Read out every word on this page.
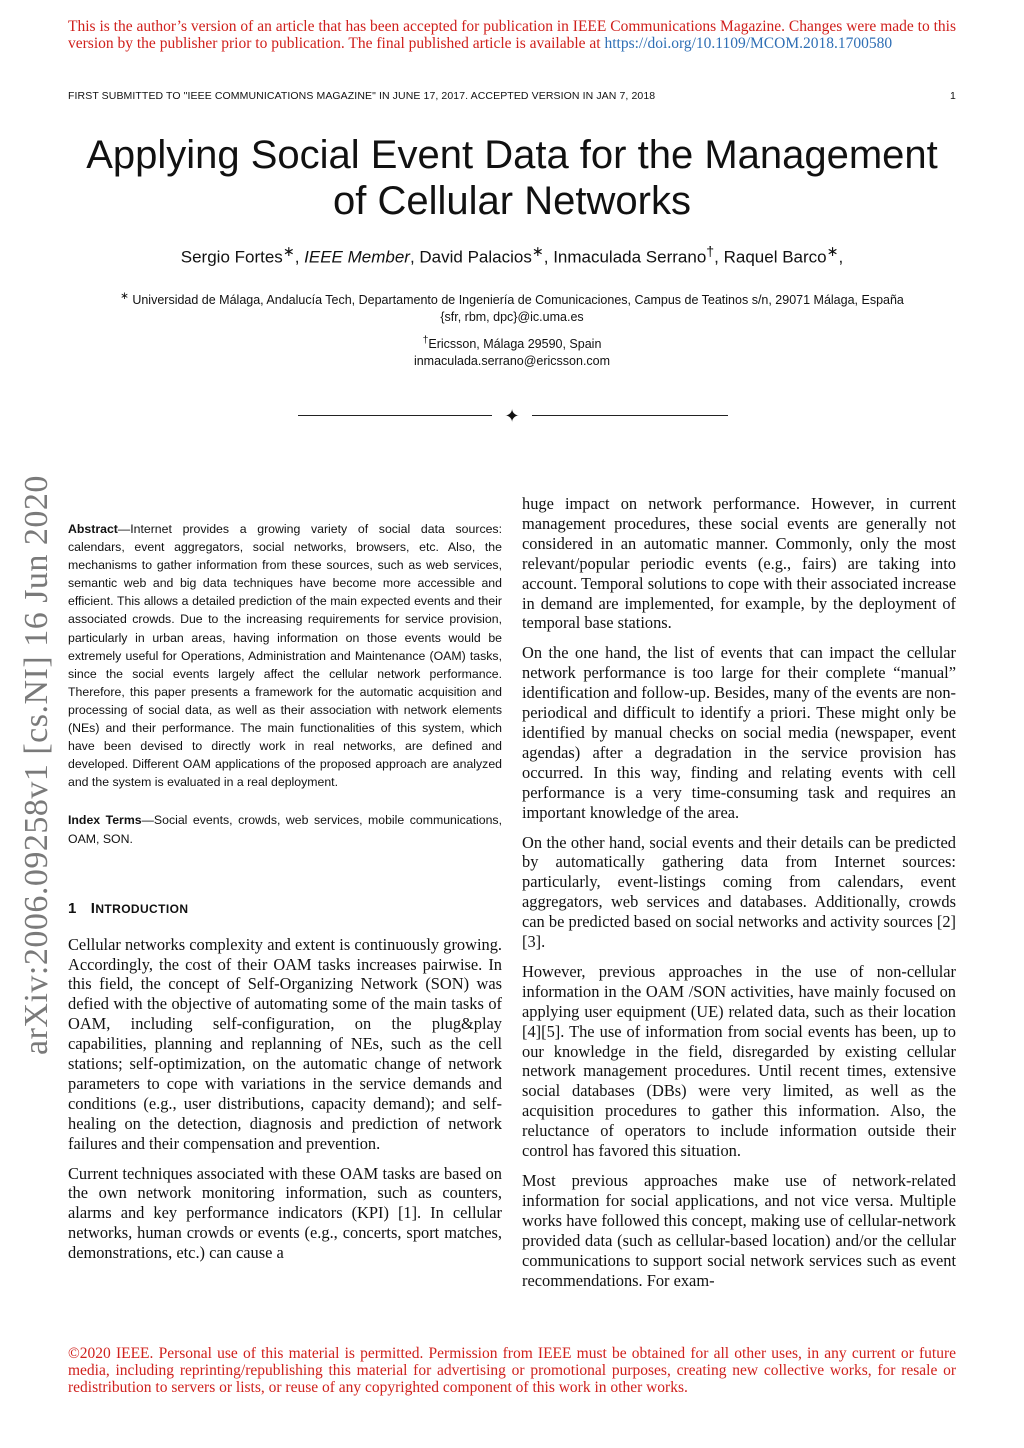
This is the author’s version of an article that has been accepted for publication in IEEE Communications Magazine. Changes were made to this version by the publisher prior to publication. The final published article is available at https://doi.org/10.1109/MCOM.2018.1700580
FIRST SUBMITTED TO "IEEE COMMUNICATIONS MAGAZINE" IN JUNE 17, 2017. ACCEPTED VERSION IN JAN 7, 2018	1
Applying Social Event Data for the Management
of Cellular Networks
Sergio Fortes∗, IEEE Member, David Palacios∗, Inmaculada Serrano†, Raquel Barco∗,
∗ Universidad de Málaga, Andalucía Tech, Departamento de Ingeniería de Comunicaciones, Campus de Teatinos s/n, 29071 Málaga, España
{sfr, rbm, dpc}@ic.uma.es
†Ericsson, Málaga 29590, Spain
inmaculada.serrano@ericsson.com
✦
arXiv:2006.09258v1 [cs.NI] 16 Jun 2020 Abstract—Internet provides a growing variety of social data sources: calendars, event aggregators, social networks, browsers, etc. Also, the mechanisms to gather information from these sources, such as web services, semantic web and big data techniques have become more accessible and efficient. This allows a detailed prediction of the main expected events and their associated crowds. Due to the increasing requirements for service provision, particularly in urban areas, having information on those events would be extremely useful for Operations, Administration and Maintenance (OAM) tasks, since the social events largely affect the cellular network performance. Therefore, this paper presents a framework for the automatic acquisition and processing of social data, as well as their association with network elements (NEs) and their performance. The main functionalities of this system, which have been devised to directly work in real networks, are defined and developed. Different OAM applications of the proposed approach are analyzed and the system is evaluated in a real deployment.

Index Terms—Social events, crowds, web services, mobile communications, OAM, SON.

1 INTRODUCTION

Cellular networks complexity and extent is continuously growing. Accordingly, the cost of their OAM tasks increases pairwise. In this field, the concept of Self-Organizing Network (SON) was defied with the objective of automating some of the main tasks of OAM, including self-configuration, on the plug&play capabilities, planning and replanning of NEs, such as the cell stations; self-optimization, on the automatic change of network parameters to cope with variations in the service demands and conditions (e.g., user distributions, capacity demand); and self-healing on the detection, diagnosis and prediction of network failures and their compensation and prevention.

Current techniques associated with these OAM tasks are based on the own network monitoring information, such as counters, alarms and key performance indicators (KPI) [1]. In cellular networks, human crowds or events (e.g., concerts, sport matches, demonstrations, etc.) can cause a

huge impact on network performance. However, in current management procedures, these social events are generally not considered in an automatic manner. Commonly, only the most relevant/popular periodic events (e.g., fairs) are taking into account. Temporal solutions to cope with their associated increase in demand are implemented, for example, by the deployment of temporal base stations.

On the one hand, the list of events that can impact the cellular network performance is too large for their complete “manual” identification and follow-up. Besides, many of the events are non-periodical and difficult to identify a priori. These might only be identified by manual checks on social media (newspaper, event agendas) after a degradation in the service provision has occurred. In this way, finding and relating events with cell performance is a very time-consuming task and requires an important knowledge of the area.

On the other hand, social events and their details can be predicted by automatically gathering data from Internet sources: particularly, event-listings coming from calendars, event aggregators, web services and databases. Additionally, crowds can be predicted based on social networks and activity sources [2][3].

However, previous approaches in the use of non-cellular information in the OAM /SON activities, have mainly focused on applying user equipment (UE) related data, such as their location [4][5]. The use of information from social events has been, up to our knowledge in the field, disregarded by existing cellular network management procedures. Until recent times, extensive social databases (DBs) were very limited, as well as the acquisition procedures to gather this information. Also, the reluctance of operators to include information outside their control has favored this situation.

Most previous approaches make use of network-related information for social applications, and not vice versa. Multiple works have followed this concept, making use of cellular-network provided data (such as cellular-based location) and/or the cellular communications to support social network services such as event recommendations. For exam-

©2020 IEEE. Personal use of this material is permitted. Permission from IEEE must be obtained for all other uses, in any current or future media, including reprinting/republishing this material for advertising or promotional purposes, creating new collective works, for resale or redistribution to servers or lists, or reuse of any copyrighted component of this work in other works.
